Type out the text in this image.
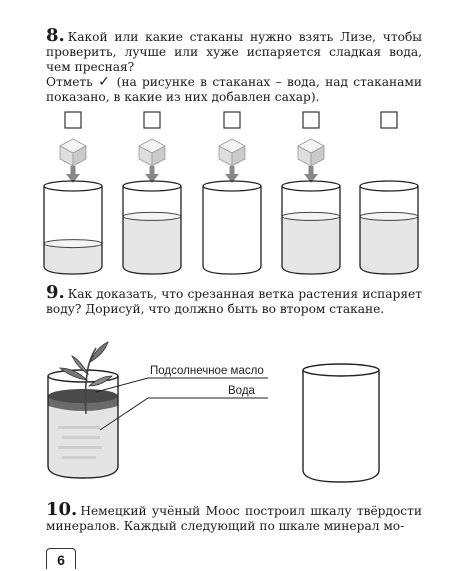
8. Какой или какие стаканы нужно взять Лизе, чтобы проверить, лучше или хуже испаряется сладкая вода, чем пресная?

Отметь ✓ (на рисунке в стаканах – вода, над стаканами показано, в какие из них добавлен сахар).

9. Как доказать, что срезанная ветка растения испаряет воду? Дорисуй, что должно быть во втором стакане.

Подсолнечное масло
Вода

10. Немецкий учёный Моос построил шкалу твёрдости минералов. Каждый следующий по шкале минерал мо-

6
